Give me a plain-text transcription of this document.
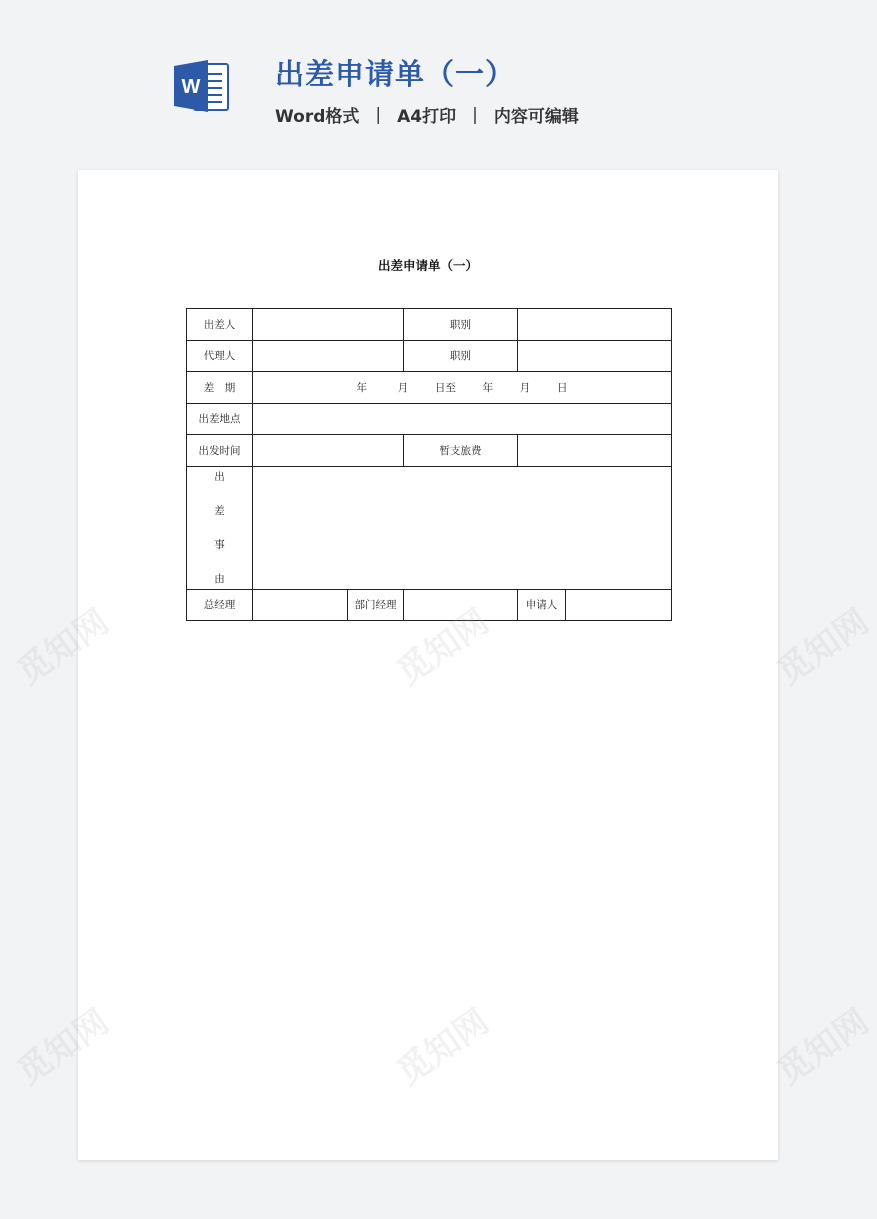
W	出差申请单（一）
Word格式 | A4打印 | 内容可编辑
出差申请单（一）
出差人			职别		
代理人			职别		
差　期	年 月 日至 年 月 日				
出差地点					
出发时间			暂支旅费		

出
差
事
由					

总经理		部门经理		申请人	
觅知网	觅知网
觅知网	觅知网
